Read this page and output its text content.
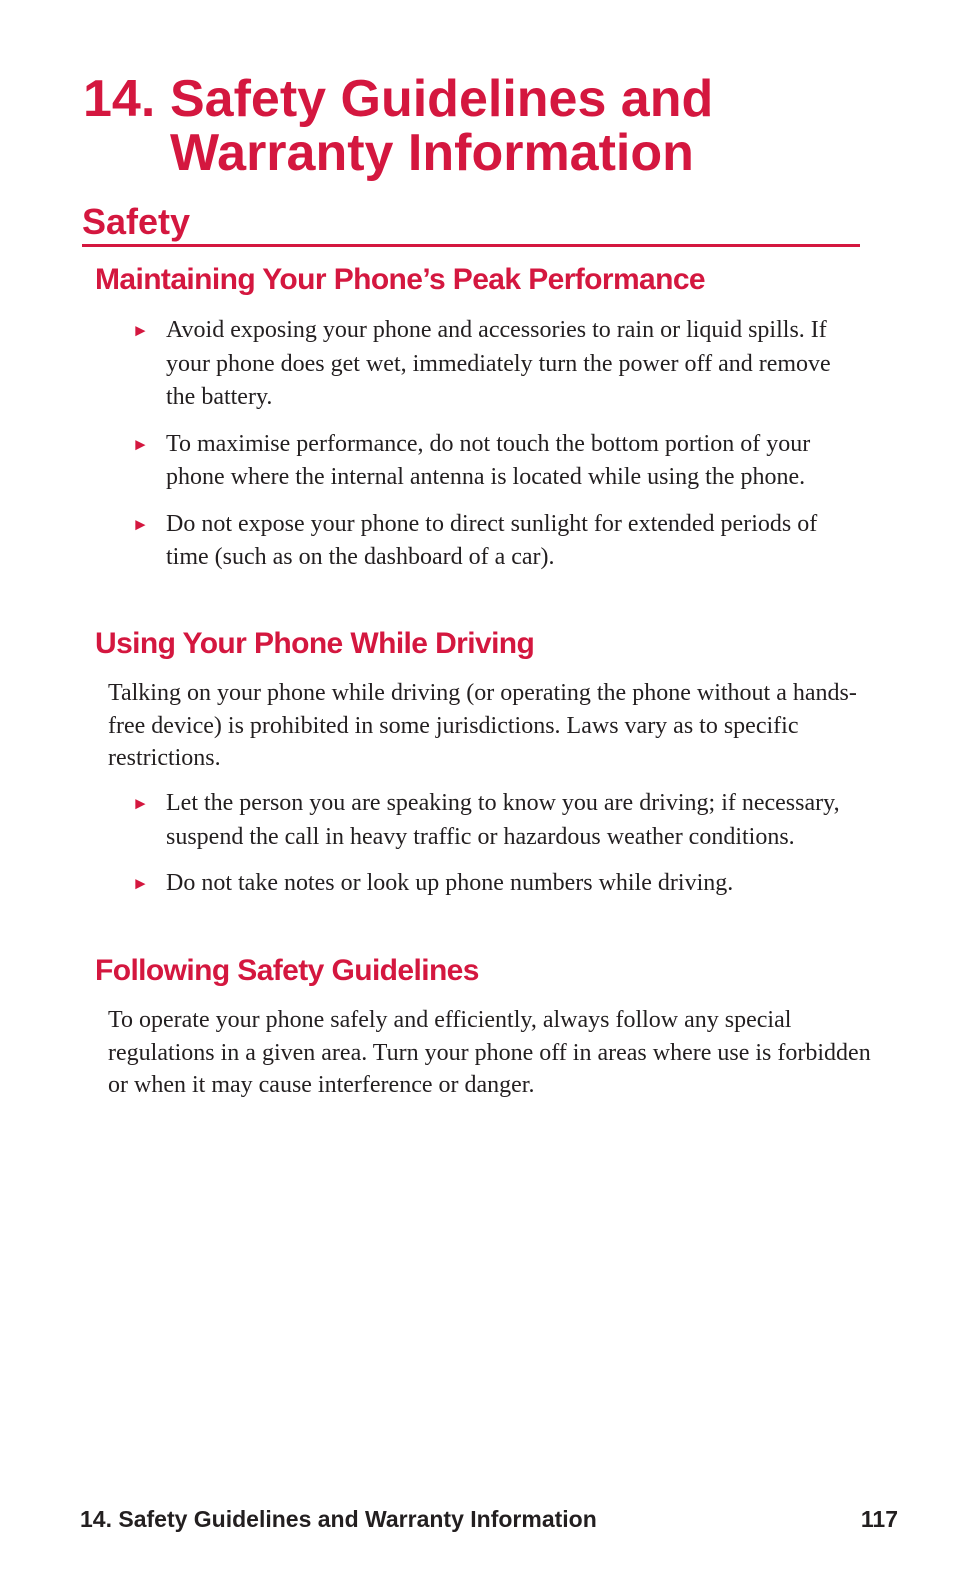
14. Safety Guidelines and
Warranty Information
Safety
Maintaining Your Phone’s Peak Performance
► Avoid exposing your phone and accessories to rain or liquid spills. If your phone does get wet, immediately turn the power off and remove the battery.
► To maximise performance, do not touch the bottom portion of your phone where the internal antenna is located while using the phone.
► Do not expose your phone to direct sunlight for extended periods of time (such as on the dashboard of a car).
Using Your Phone While Driving

Talking on your phone while driving (or operating the phone without a hands-free device) is prohibited in some jurisdictions. Laws vary as to specific restrictions.

► Let the person you are speaking to know you are driving; if necessary, suspend the call in heavy traffic or hazardous weather conditions.
► Do not take notes or look up phone numbers while driving.
Following Safety Guidelines

To operate your phone safely and efficiently, always follow any special regulations in a given area. Turn your phone off in areas where use is forbidden or when it may cause interference or danger.

14. Safety Guidelines and Warranty Information	117
